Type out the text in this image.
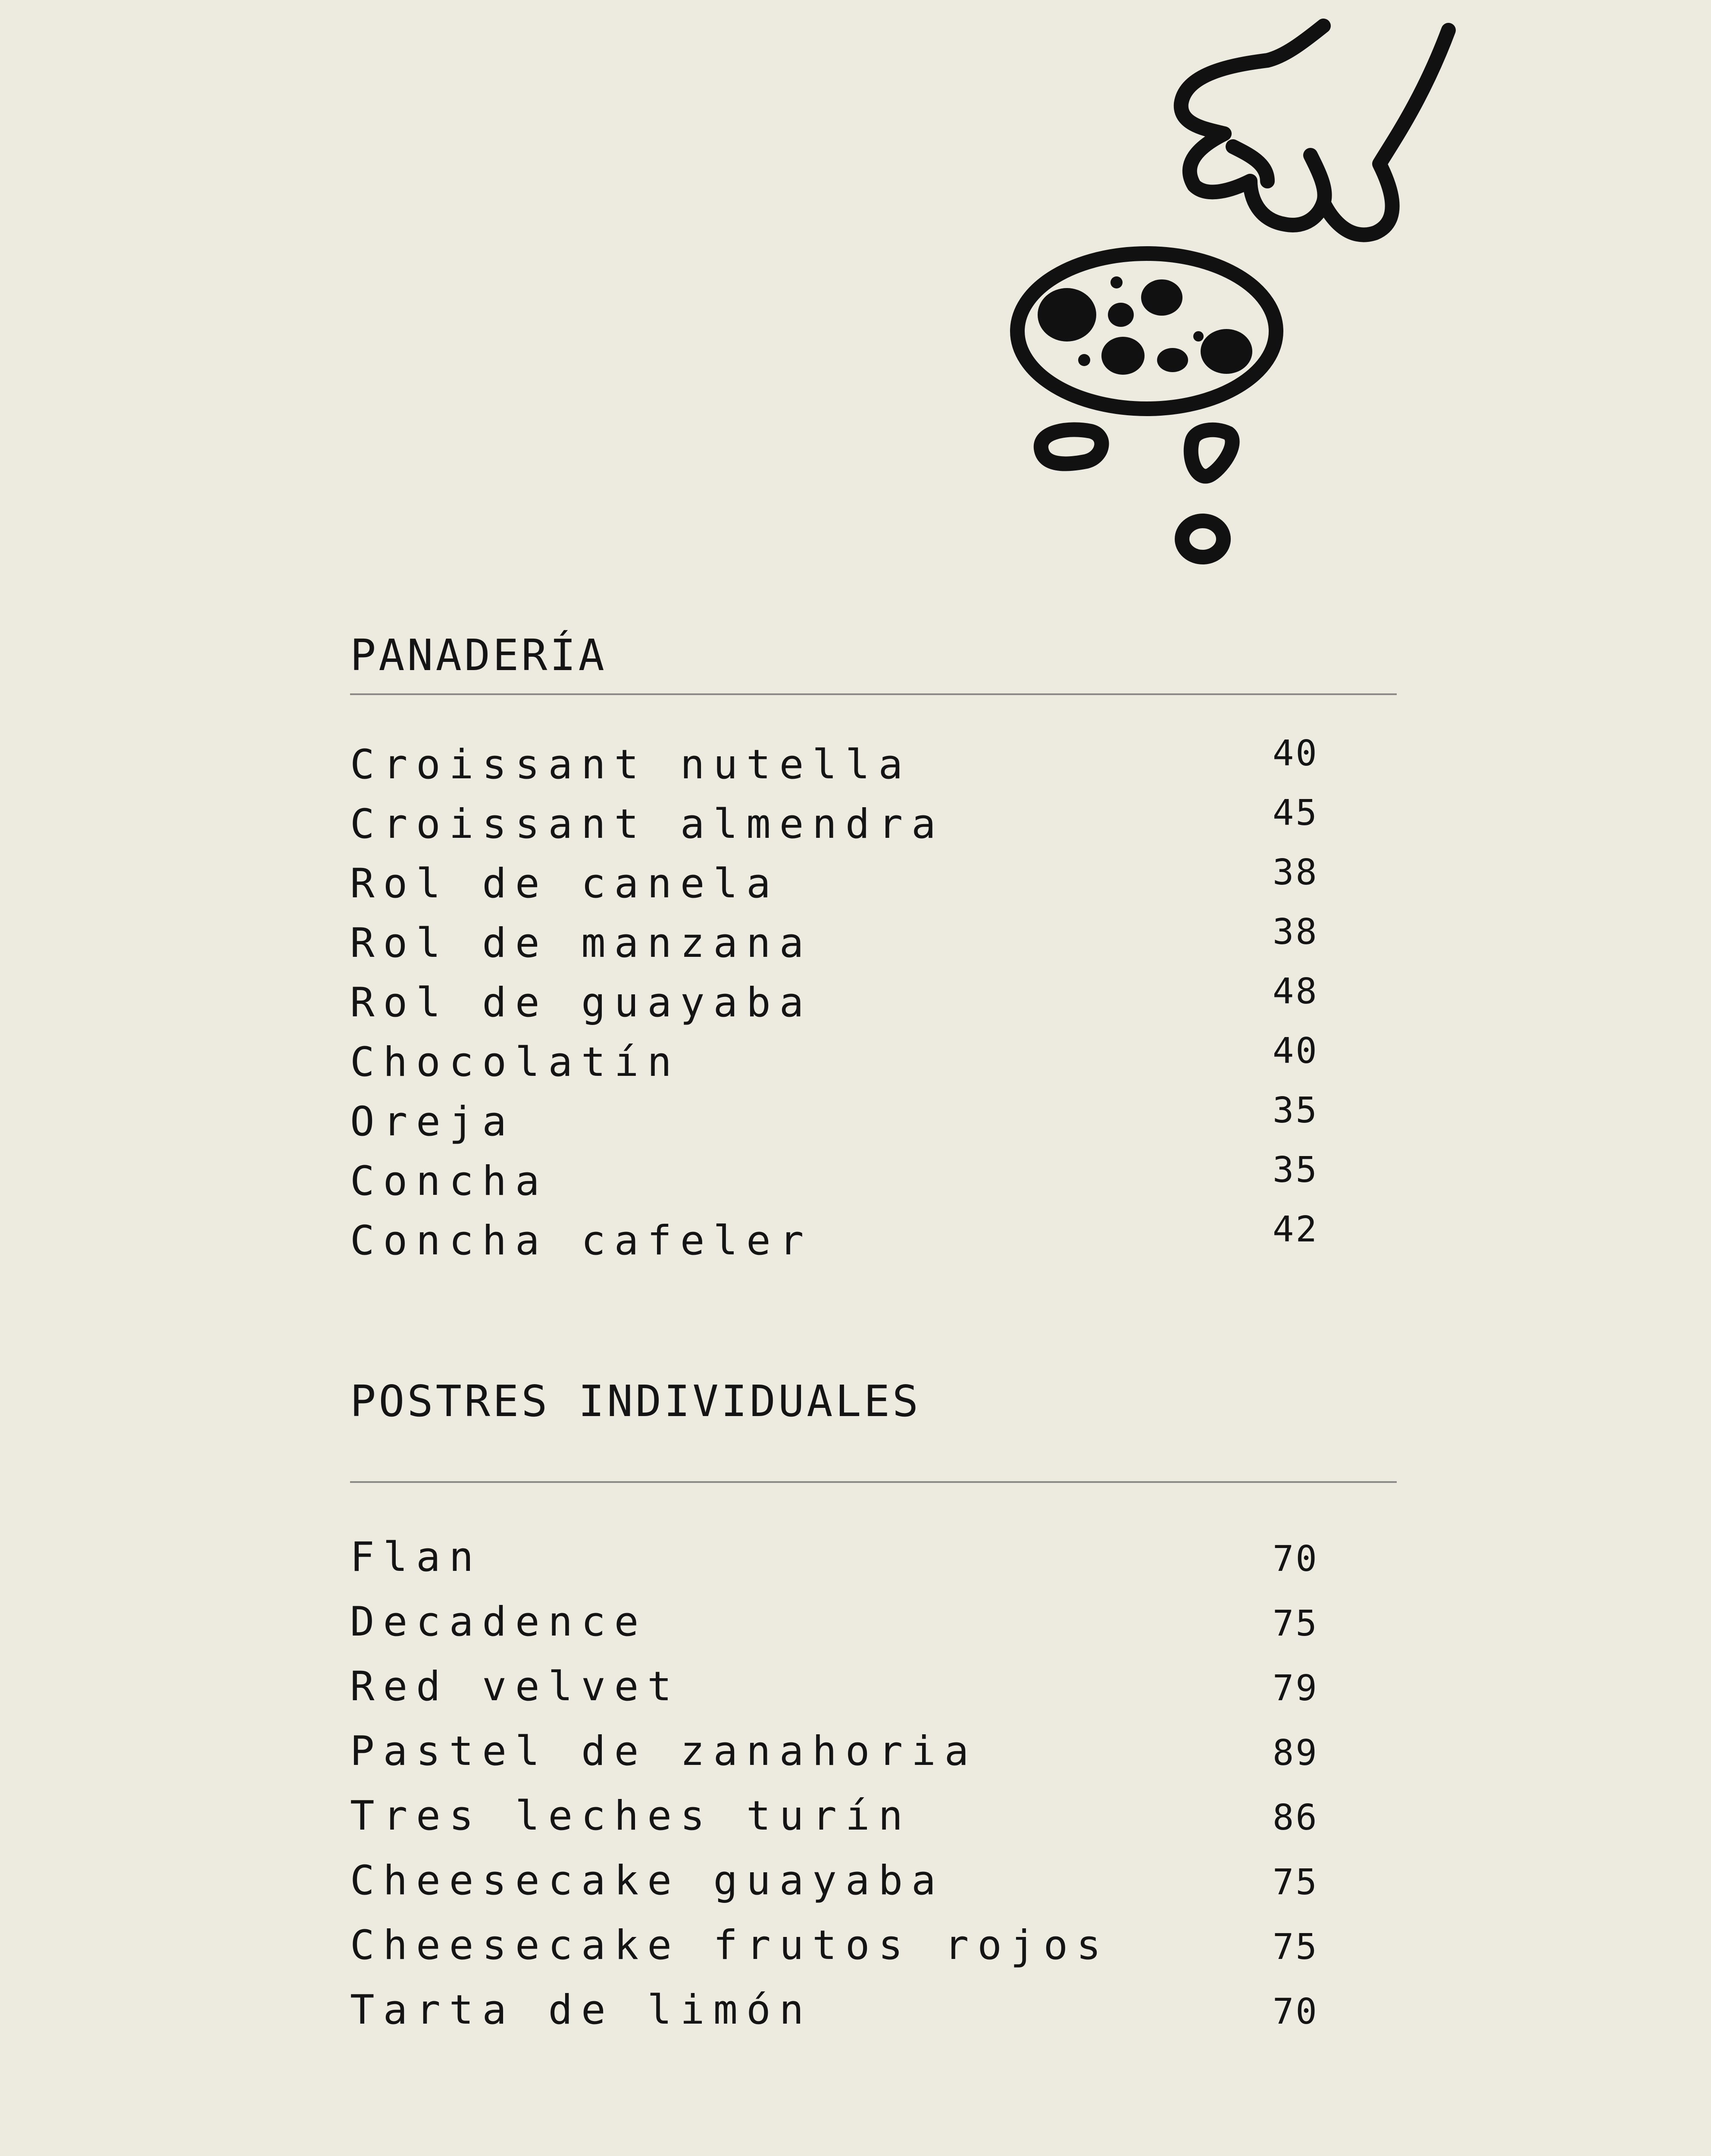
PANADERÍA
Croissant nutella	40
Croissant almendra	45
Rol de canela	38
Rol de manzana	38
Rol de guayaba	48
Chocolatín	40
Oreja	35
Concha	35
Concha cafeler	42
POSTRES INDIVIDUALES
Flan	70
Decadence	75
Red velvet	79
Pastel de zanahoria	89
Tres leches turín	86
Cheesecake guayaba	75
Cheesecake frutos rojos	75
Tarta de limón	70
